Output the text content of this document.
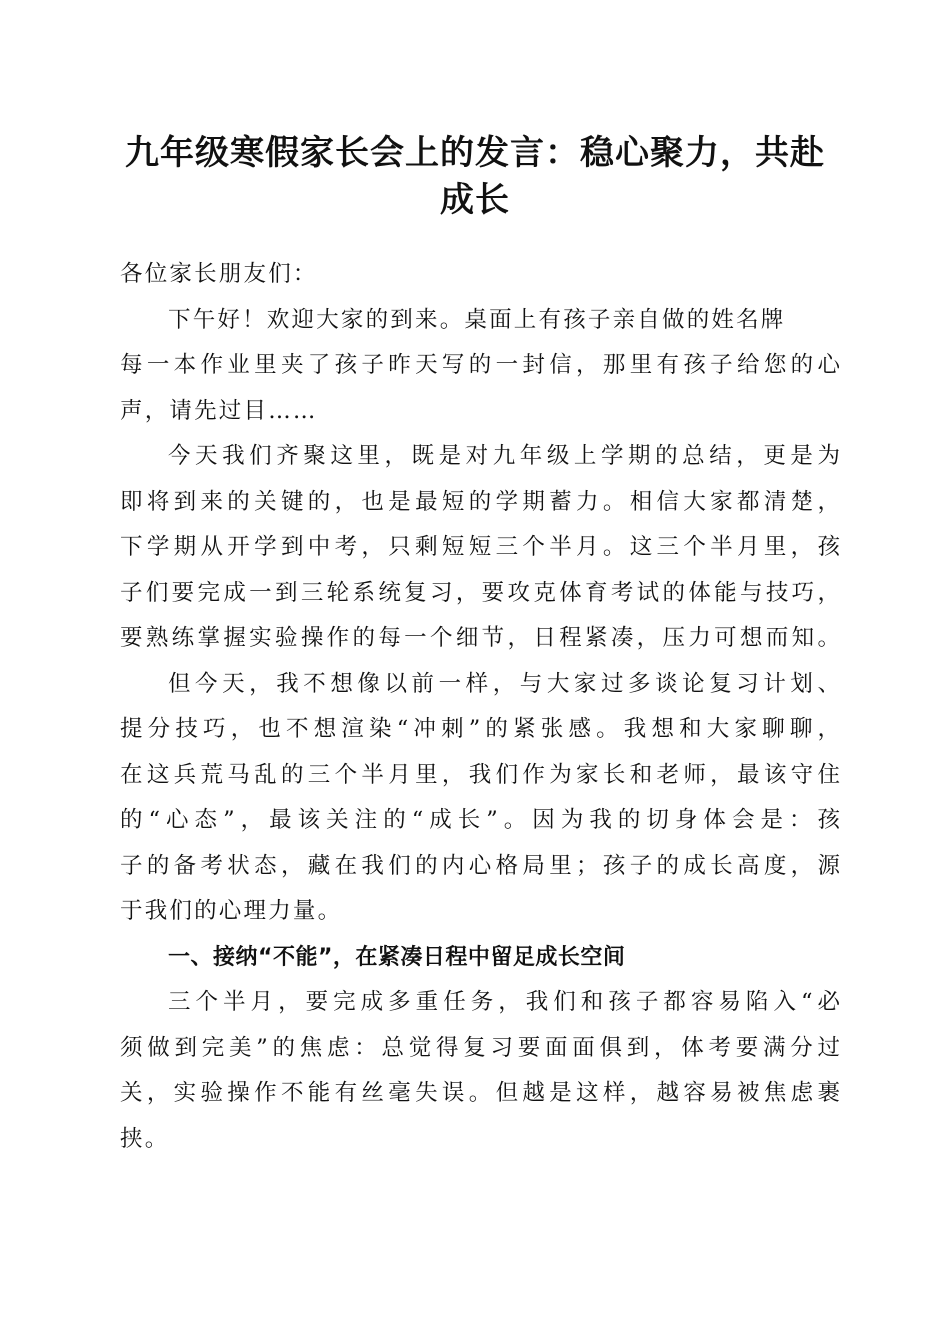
九年级寒假家长会上的发言：稳心聚力，共赴
成长
各位家长朋友们：
下午好！欢迎大家的到来。桌面上有孩子亲自做的姓名牌
每一本作业里夹了孩子昨天写的一封信，那里有孩子给您的心
声，请先过目……
今天我们齐聚这里，既是对九年级上学期的总结，更是为
即将到来的关键的，也是最短的学期蓄力。相信大家都清楚，
下学期从开学到中考，只剩短短三个半月。这三个半月里，孩
子们要完成一到三轮系统复习，要攻克体育考试的体能与技巧，
要熟练掌握实验操作的每一个细节，日程紧凑，压力可想而知。
但今天，我不想像以前一样，与大家过多谈论复习计划、
提分技巧，也不想渲染“冲刺”的紧张感。我想和大家聊聊，
在这兵荒马乱的三个半月里，我们作为家长和老师，最该守住
的“心态”，最该关注的“成长”。因为我的切身体会是：孩
子的备考状态，藏在我们的内心格局里；孩子的成长高度，源
于我们的心理力量。
一、接纳“不能”，在紧凑日程中留足成长空间
三个半月，要完成多重任务，我们和孩子都容易陷入“必
须做到完美”的焦虑：总觉得复习要面面俱到，体考要满分过
关，实验操作不能有丝毫失误。但越是这样，越容易被焦虑裹
挟。
